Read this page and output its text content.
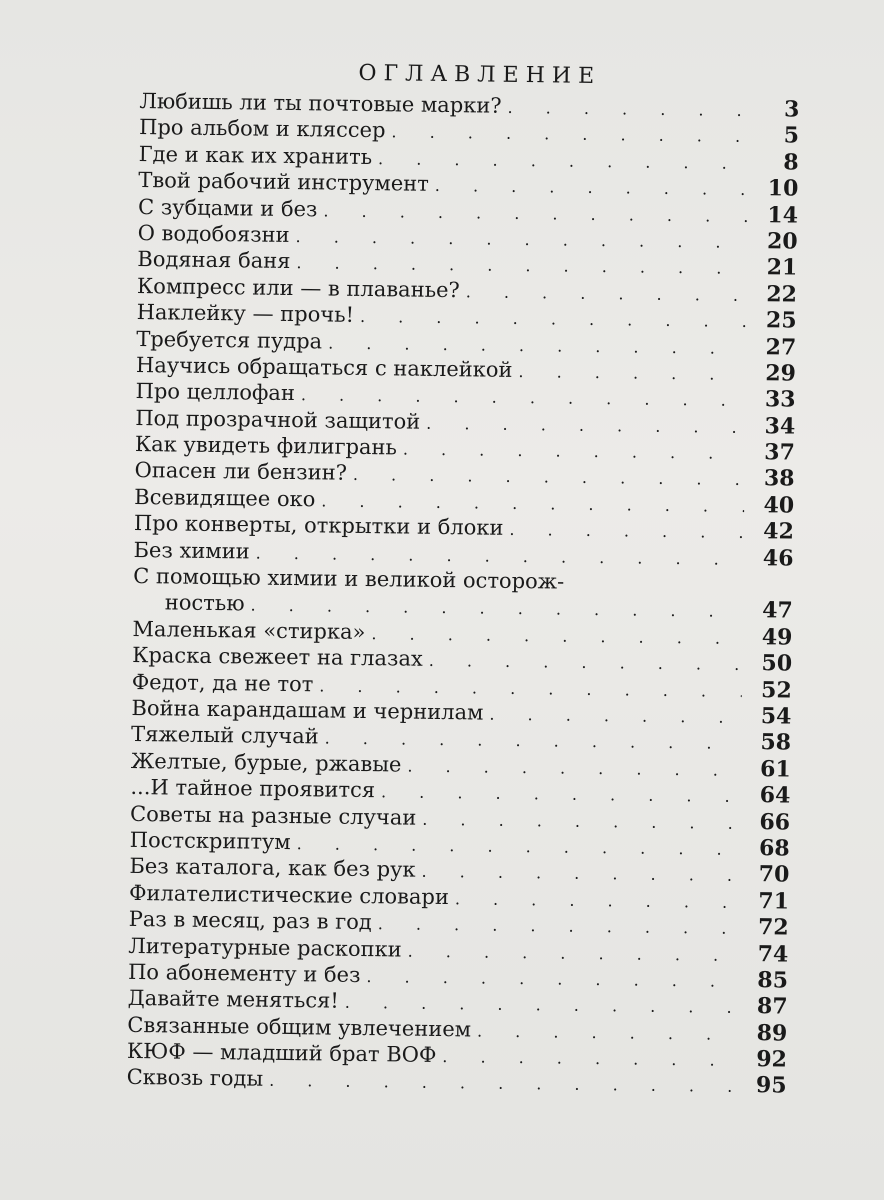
ОГЛАВЛЕНИЕ
Любишь ли ты почтовые марки? . . .	3
Про альбом и кляссер . . .	5
Где и как их хранить . . .	8
Твой рабочий инструмент . . .	10
С зубцами и без . . .	14
О водобоязни . . .	20
Водяная баня . . .	21
Компресс или — в плаванье? . . .	22
Наклейку — прочь! . . .	25
Требуется пудра . . .	27
Научись обращаться с наклейкой . . .	29
Про целлофан . . .	33
Под прозрачной защитой . . .	34
Как увидеть филигрань . . .	37
Опасен ли бензин? . . .	38
Всевидящее око . . .	40
Про конверты, открытки и блоки . . .	42
Без химии . . .	46
С помощью химии и великой осторож-
ностью . . .	47
Маленькая «стирка» . . .	49
Краска свежеет на глазах . . .	50
Федот, да не тот . . .	52
Война карандашам и чернилам . . .	54
Тяжелый случай . . .	58
Желтые, бурые, ржавые . . .	61
...И тайное проявится . . .	64
Советы на разные случаи . . .	66
Постскриптум . . .	68
Без каталога, как без рук . . .	70
Филателистические словари . . .	71
Раз в месяц, раз в год . . .	72
Литературные раскопки . . .	74
По абонементу и без . . .	85
Давайте меняться! . . .	87
Связанные общим увлечением . . .	89
КЮФ — младший брат ВОФ . . .	92
Сквозь годы . . .	95
